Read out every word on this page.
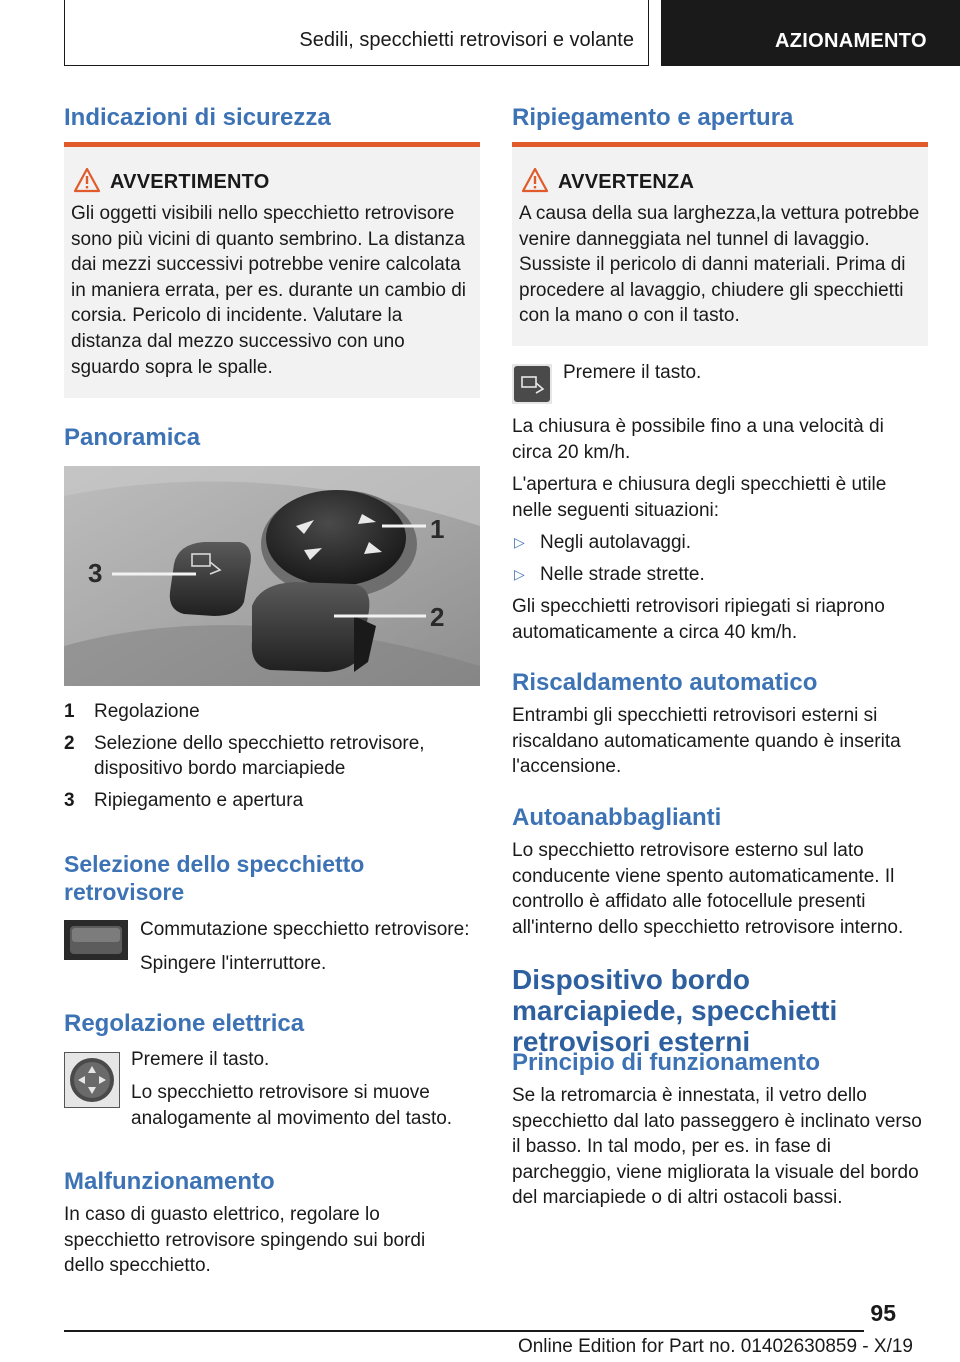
Sedili, specchietti retrovisori e volante	AZIONAMENTO
Indicazioni di sicurezza
AVVERTIMENTO
Gli oggetti visibili nello specchietto retrovisore sono più vicini di quanto sembrino. La distanza dai mezzi successivi potrebbe venire calcolata in maniera errata, per es. durante un cambio di corsia. Pericolo di incidente. Valutare la distanza dal mezzo successivo con uno sguardo sopra le spalle.
Panoramica
3
1
2
1 Regolazione
2 Selezione dello specchietto retrovisore, dispositivo bordo marciapiede
3 Ripiegamento e apertura
Selezione dello specchietto retrovisore
Commutazione specchietto retrovisore:
Spingere l'interruttore.
Regolazione elettrica
Premere il tasto.
Lo specchietto retrovisore si muove analogamente al movimento del tasto.
Malfunzionamento
In caso di guasto elettrico, regolare lo specchietto retrovisore spingendo sui bordi dello specchietto.
Ripiegamento e apertura
AVVERTENZA
A causa della sua larghezza,la vettura potrebbe venire danneggiata nel tunnel di lavaggio. Sussiste il pericolo di danni materiali. Prima di procedere al lavaggio, chiudere gli specchietti con la mano o con il tasto.
Premere il tasto.
La chiusura è possibile fino a una velocità di circa 20 km/h.
L'apertura e chiusura degli specchietti è utile nelle seguenti situazioni:
▷ Negli autolavaggi.
▷ Nelle strade strette.
Gli specchietti retrovisori ripiegati si riaprono automaticamente a circa 40 km/h.
Riscaldamento automatico
Entrambi gli specchietti retrovisori esterni si riscaldano automaticamente quando è inserita l'accensione.
Autoanabbaglianti
Lo specchietto retrovisore esterno sul lato conducente viene spento automaticamente. Il controllo è affidato alle fotocellule presenti all'interno dello specchietto retrovisore interno.
Dispositivo bordo marciapiede, specchietti retrovisori esterni
Principio di funzionamento
Se la retromarcia è innestata, il vetro dello specchietto dal lato passeggero è inclinato verso il basso. In tal modo, per es. in fase di parcheggio, viene migliorata la visuale del bordo del marciapiede o di altri ostacoli bassi.
95
Online Edition for Part no. 01402630859 - X/19
